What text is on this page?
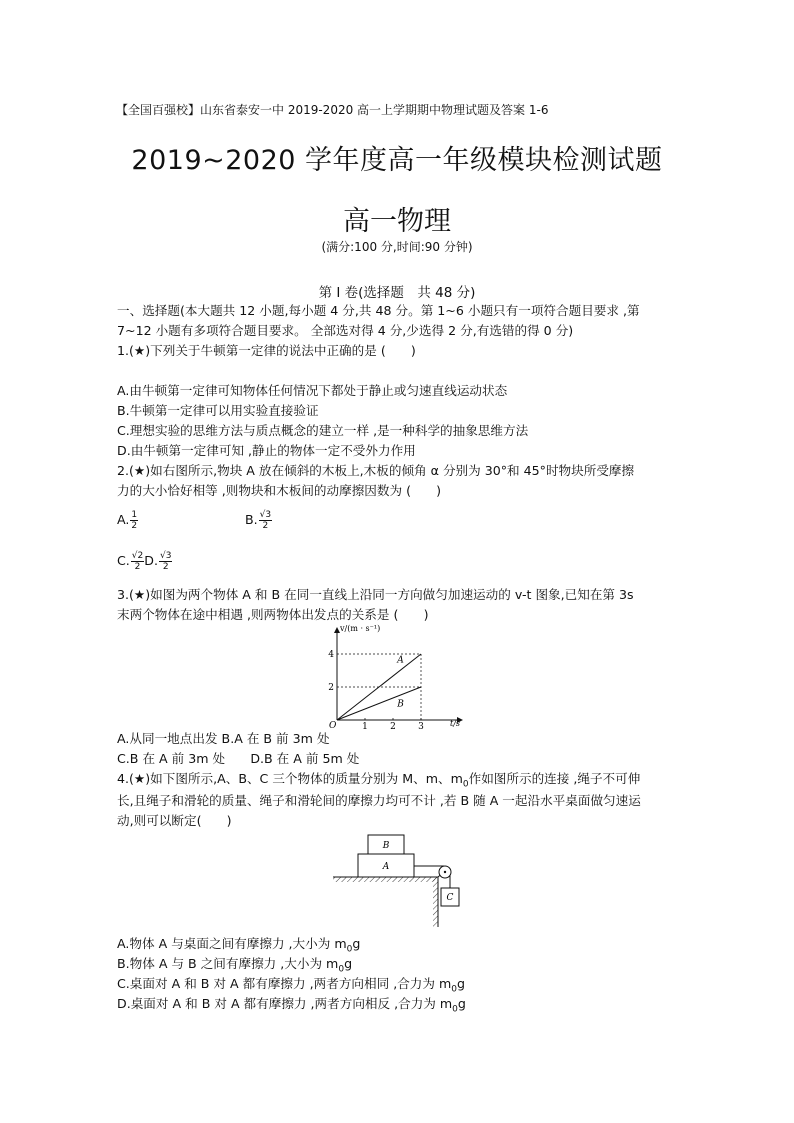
【全国百强校】山东省泰安一中 2019-2020 高一上学期期中物理试题及答案 1-6
2019~2020 学年度高一年级模块检测试题
高一物理
(满分:100 分,时间:90 分钟)
第 I 卷(选择题　共 48 分)
一、选择题(本大题共 12 小题,每小题 4 分,共 48 分。第 1~6 小题只有一项符合题目要求 ,第
7~12 小题有多项符合题目要求。 全部选对得 4 分,少选得 2 分,有选错的得 0 分)
1.(★)下列关于牛顿第一定律的说法中正确的是 (　　)
A.由牛顿第一定律可知物体任何情况下都处于静止或匀速直线运动状态
B.牛顿第一定律可以用实验直接验证
C.理想实验的思维方法与质点概念的建立一样 ,是一种科学的抽象思维方法
D.由牛顿第一定律可知 ,静止的物体一定不受外力作用
2.(★)如右图所示,物块 A 放在倾斜的木板上,木板的倾角 α 分别为 30°和 45°时物块所受摩擦
力的大小恰好相等 ,则物块和木板间的动摩擦因数为 (　　)
A. $\frac{1}{2}$	B. $\frac{√3}{2}$
C. $\frac{√2}{2} D$. $\frac{√3}{2}$
3.(★)如图为两个物体 A 和 B 在同一直线上沿同一方向做匀加速运动的 v-t 图象,已知在第 3s
末两个物体在途中相遇 ,则两物体出发点的关系是 (　　)
1 2 3
2
4
A
B
v/(m · s⁻¹)
t/s
O
A.从同一地点出发 B.A 在 B 前 3m 处
C.B 在 A 前 3m 处　　D.B 在 A 前 5m 处
4.(★)如下图所示,A、B、C 三个物体的质量分别为 M、m、$m_0$作如图所示的连接 ,绳子不可伸
长,且绳子和滑轮的质量、绳子和滑轮间的摩擦力均可不计 ,若 B 随 A 一起沿水平桌面做匀速运
动,则可以断定(　　)
B
A
C
A.物体 A 与桌面之间有摩擦力 ,大小为 $m_0g$
B.物体 A 与 B 之间有摩擦力 ,大小为 $m_0g$
C.桌面对 A 和 B 对 A 都有摩擦力 ,两者方向相同 ,合力为 $m_0g$
D.桌面对 A 和 B 对 A 都有摩擦力 ,两者方向相反 ,合力为 $m_0g$
